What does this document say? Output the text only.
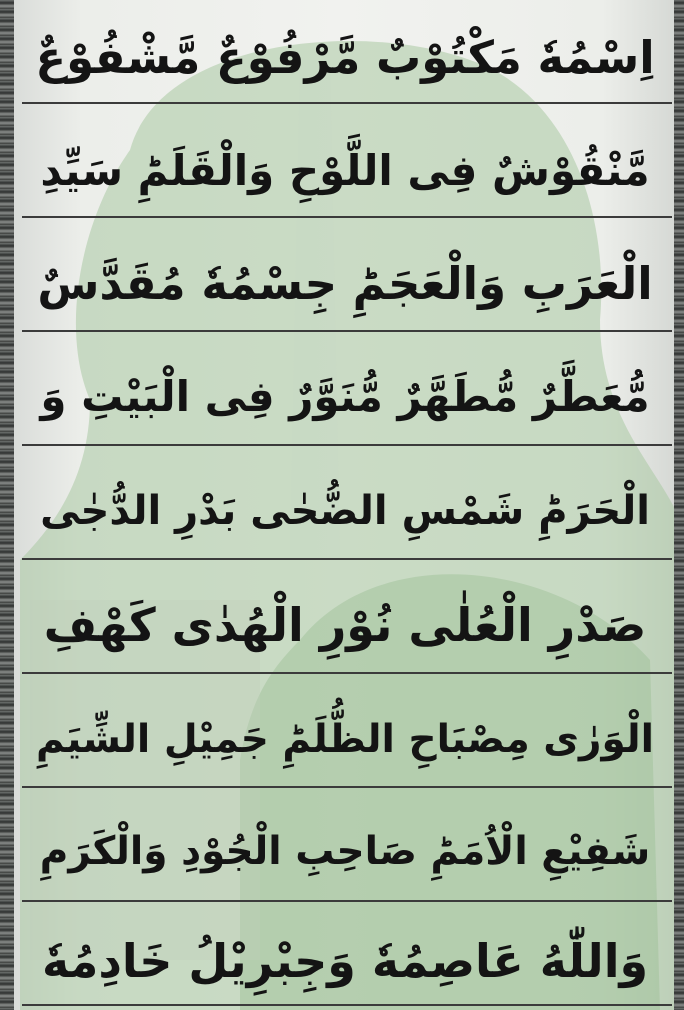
اِسْمُهٗ مَكْتُوْبٌ مَّرْفُوْعٌ مَّشْفُوْعٌ
مَّنْقُوْشٌ فِى اللَّوْحِ وَالْقَلَمِؕ سَيِّدِ
الْعَرَبِ وَالْعَجَمِؕ جِسْمُهٗ مُقَدَّسٌ
مُّعَطَّرٌ مُّطَهَّرٌ مُّنَوَّرٌ فِى الْبَيْتِ وَ
الْحَرَمِؕ شَمْسِ الضُّحٰى بَدْرِ الدُّجٰى
صَدْرِ الْعُلٰى نُوْرِ الْهُدٰى كَهْفِ
الْوَرٰى مِصْبَاحِ الظُّلَمِؕ جَمِيْلِ الشِّيَمِ
شَفِيْعِ الْاُمَمِؕ صَاحِبِ الْجُوْدِ وَالْكَرَمِ
وَاللّٰهُ عَاصِمُهٗ وَجِبْرِيْلُ خَادِمُهٗ
